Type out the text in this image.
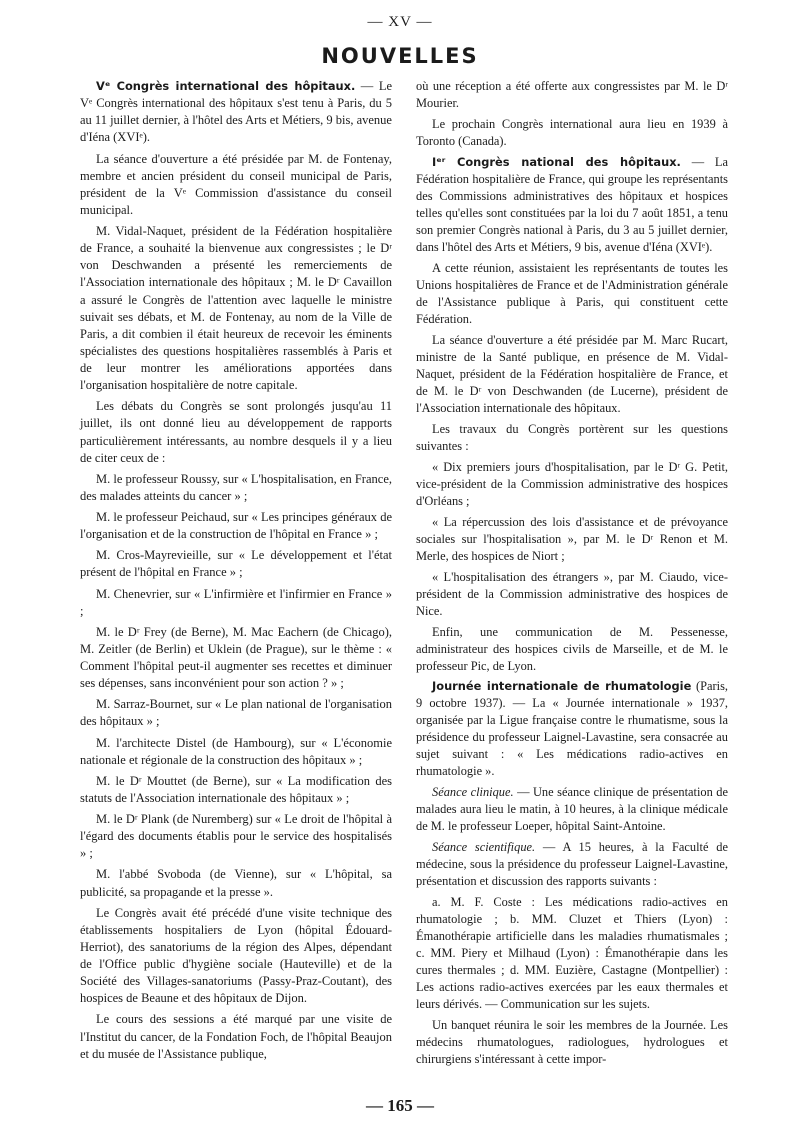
— XV —
NOUVELLES

Vᵉ Congrès international des hôpitaux. — Le Vᵉ Congrès international des hôpitaux s'est tenu à Paris, du 5 au 11 juillet dernier, à l'hôtel des Arts et Métiers, 9 bis, avenue d'Iéna (XVIᵉ).

La séance d'ouverture a été présidée par M. de Fontenay, membre et ancien président du conseil municipal de Paris, président de la Vᵉ Commission d'assistance du conseil municipal.

M. Vidal-Naquet, président de la Fédération hospitalière de France, a souhaité la bienvenue aux congressistes ; le Dʳ von Deschwanden a présenté les remerciements de l'Association internationale des hôpitaux ; M. le Dʳ Cavaillon a assuré le Congrès de l'attention avec laquelle le ministre suivait ses débats, et M. de Fontenay, au nom de la Ville de Paris, a dit combien il était heureux de recevoir les éminents spécialistes des questions hospitalières rassemblés à Paris et de leur montrer les améliorations apportées dans l'organisation hospitalière de notre capitale.

Les débats du Congrès se sont prolongés jusqu'au 11 juillet, ils ont donné lieu au développement de rapports particulièrement intéressants, au nombre desquels il y a lieu de citer ceux de :

M. le professeur Roussy, sur « L'hospitalisation, en France, des malades atteints du cancer » ;

M. le professeur Peichaud, sur « Les principes généraux de l'organisation et de la construction de l'hôpital en France » ;

M. Cros-Mayrevieille, sur « Le développement et l'état présent de l'hôpital en France » ;

M. Chenevrier, sur « L'infirmière et l'infirmier en France » ;

M. le Dʳ Frey (de Berne), M. Mac Eachern (de Chicago), M. Zeitler (de Berlin) et Uklein (de Prague), sur le thème : « Comment l'hôpital peut-il augmenter ses recettes et diminuer ses dépenses, sans inconvénient pour son action ? » ;

M. Sarraz-Bournet, sur « Le plan national de l'organisation des hôpitaux » ;

M. l'architecte Distel (de Hambourg), sur « L'économie nationale et régionale de la construction des hôpitaux » ;

M. le Dʳ Mouttet (de Berne), sur « La modification des statuts de l'Association internationale des hôpitaux » ;

M. le Dʳ Plank (de Nuremberg) sur « Le droit de l'hôpital à l'égard des documents établis pour le service des hospitalisés » ;

M. l'abbé Svoboda (de Vienne), sur « L'hôpital, sa publicité, sa propagande et la presse ».

Le Congrès avait été précédé d'une visite technique des établissements hospitaliers de Lyon (hôpital Édouard-Herriot), des sanatoriums de la région des Alpes, dépendant de l'Office public d'hygiène sociale (Hauteville) et de la Société des Villages-sanatoriums (Passy-Praz-Coutant), des hospices de Beaune et des hôpitaux de Dijon.

Le cours des sessions a été marqué par une visite de l'Institut du cancer, de la Fondation Foch, de l'hôpital Beaujon et du musée de l'Assistance publique,

où une réception a été offerte aux congressistes par M. le Dʳ Mourier.

Le prochain Congrès international aura lieu en 1939 à Toronto (Canada).

Iᵉʳ Congrès national des hôpitaux. — La Fédération hospitalière de France, qui groupe les représentants des Commissions administratives des hôpitaux et hospices telles qu'elles sont constituées par la loi du 7 août 1851, a tenu son premier Congrès national à Paris, du 3 au 5 juillet dernier, dans l'hôtel des Arts et Métiers, 9 bis, avenue d'Iéna (XVIᵉ).

A cette réunion, assistaient les représentants de toutes les Unions hospitalières de France et de l'Administration générale de l'Assistance publique à Paris, qui constituent cette Fédération.

La séance d'ouverture a été présidée par M. Marc Rucart, ministre de la Santé publique, en présence de M. Vidal-Naquet, président de la Fédération hospitalière de France, et de M. le Dʳ von Deschwanden (de Lucerne), président de l'Association internationale des hôpitaux.

Les travaux du Congrès portèrent sur les questions suivantes :

« Dix premiers jours d'hospitalisation, par le Dʳ G. Petit, vice-président de la Commission administrative des hospices d'Orléans ;

« La répercussion des lois d'assistance et de prévoyance sociales sur l'hospitalisation », par M. le Dʳ Renon et M. Merle, des hospices de Niort ;

« L'hospitalisation des étrangers », par M. Ciaudo, vice-président de la Commission administrative des hospices de Nice.

Enfin, une communication de M. Pessenesse, administrateur des hospices civils de Marseille, et de M. le professeur Pic, de Lyon.

Journée internationale de rhumatologie (Paris, 9 octobre 1937). — La « Journée internationale » 1937, organisée par la Ligue française contre le rhumatisme, sous la présidence du professeur Laignel-Lavastine, sera consacrée au sujet suivant : « Les médications radio-actives en rhumatologie ».

Séance clinique. — Une séance clinique de présentation de malades aura lieu le matin, à 10 heures, à la clinique médicale de M. le professeur Loeper, hôpital Saint-Antoine.

Séance scientifique. — A 15 heures, à la Faculté de médecine, sous la présidence du professeur Laignel-Lavastine, présentation et discussion des rapports suivants :

a. M. F. Coste : Les médications radio-actives en rhumatologie ; b. MM. Cluzet et Thiers (Lyon) : Émanothérapie artificielle dans les maladies rhumatismales ; c. MM. Piery et Milhaud (Lyon) : Émanothérapie dans les cures thermales ; d. MM. Euzière, Castagne (Montpellier) : Les actions radio-actives exercées par les eaux thermales et leurs dérivés. — Communication sur les sujets.

Un banquet réunira le soir les membres de la Journée. Les médecins rhumatologues, radiologues, hydrologues et chirurgiens s'intéressant à cette impor-

— 165 —
